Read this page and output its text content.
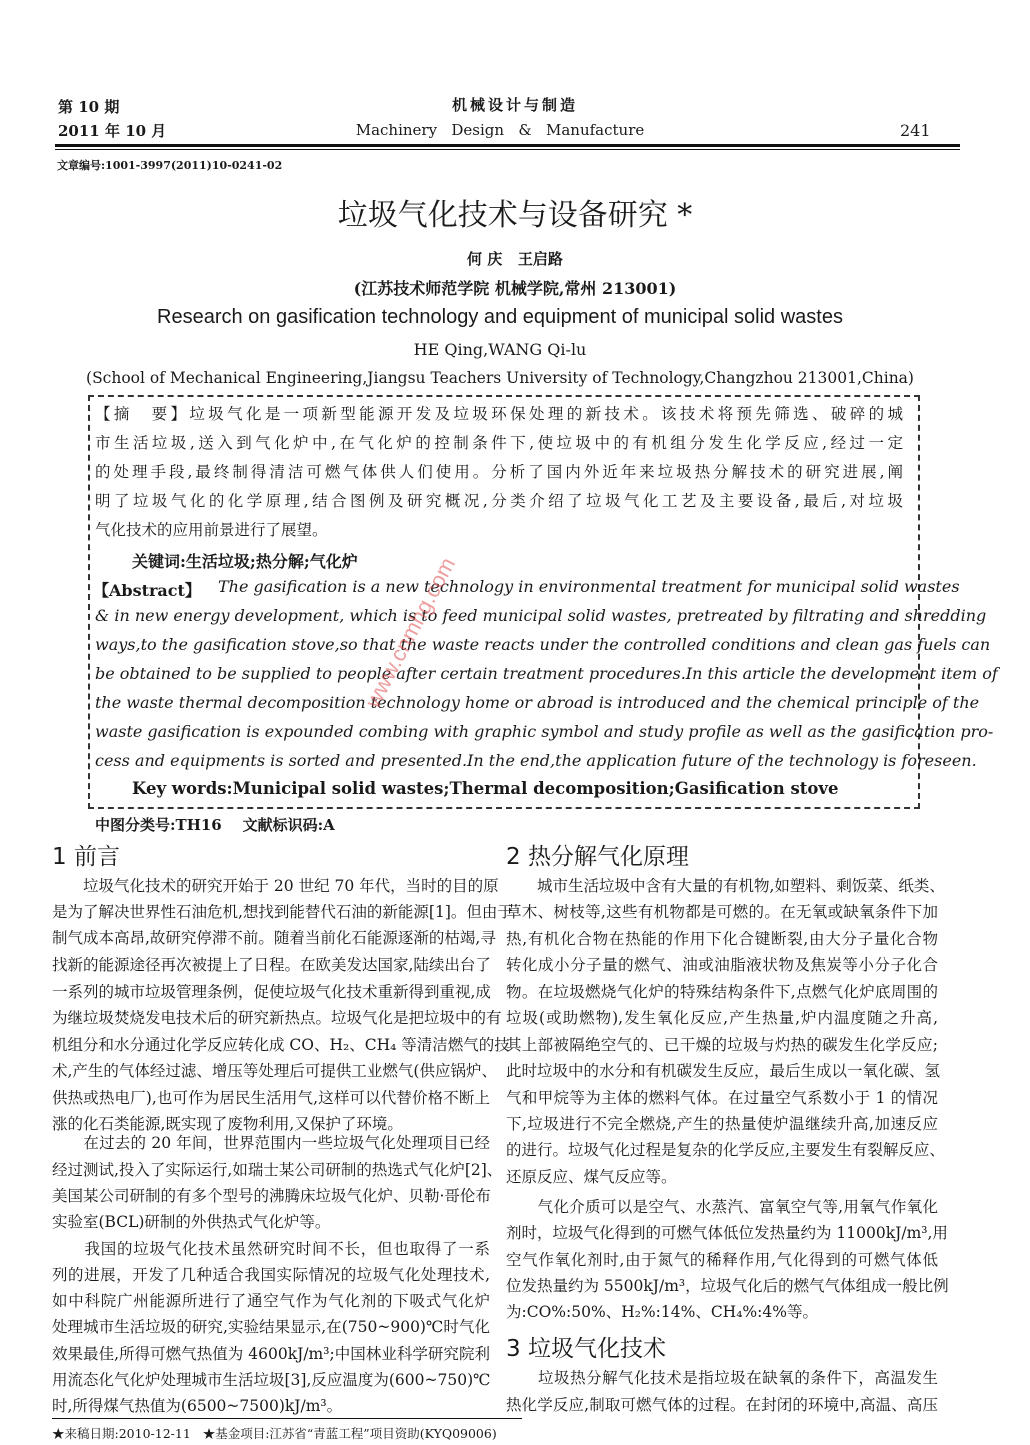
第 10 期
2011 年 10 月
机械设计与制造
Machinery   Design   &   Manufacture	241
文章编号:1001-3997(2011)10-0241-02
垃圾气化技术与设备研究 *
何 庆   王启路
(江苏技术师范学院 机械学院,常州 213001)
Research on gasification technology and equipment of municipal solid wastes
HE Qing,WANG Qi-lu
(School of Mechanical Engineering,Jiangsu Teachers University of Technology,Changzhou 213001,China)
【摘　要】垃圾气化是一项新型能源开发及垃圾环保处理的新技术。该技术将预先筛选、破碎的城
市生活垃圾,送入到气化炉中,在气化炉的控制条件下,使垃圾中的有机组分发生化学反应,经过一定
的处理手段,最终制得清洁可燃气体供人们使用。分析了国内外近年来垃圾热分解技术的研究进展,阐
明了垃圾气化的化学原理,结合图例及研究概况,分类介绍了垃圾气化工艺及主要设备,最后,对垃圾
气化技术的应用前景进行了展望。
关键词:生活垃圾;热分解;气化炉
【Abstract】 The gasification is a new technology in environmental treatment for municipal solid wastes
& in new energy development, which is to feed municipal solid wastes, pretreated by filtrating and shredding
ways,to the gasification stove,so that the waste reacts under the controlled conditions and clean gas fuels can
be obtained to be supplied to people after certain treatment procedures.In this article the development item of
the waste thermal decomposition technology home or abroad is introduced and the chemical principle of the
waste gasification is expounded combing with graphic symbol and study profile as well as the gasification pro-
cess and equipments is sorted and presented.In the end,the application future of the technology is foreseen.
Key words:Municipal solid wastes;Thermal decomposition;Gasification stove
中图分类号:TH16    文献标识码:A
1 前言
　　垃圾气化技术的研究开始于 20 世纪 70 年代，当时的目的原
是为了解决世界性石油危机,想找到能替代石油的新能源[1]。但由于
制气成本高昂,故研究停滞不前。随着当前化石能源逐渐的枯竭,寻
找新的能源途径再次被提上了日程。在欧美发达国家,陆续出台了
一系列的城市垃圾管理条例，促使垃圾气化技术重新得到重视,成
为继垃圾焚烧发电技术后的研究新热点。垃圾气化是把垃圾中的有
机组分和水分通过化学反应转化成 CO、H₂、CH₄ 等清洁燃气的技
术,产生的气体经过滤、增压等处理后可提供工业燃气(供应锅炉、
供热或热电厂),也可作为居民生活用气,这样可以代替价格不断上
涨的化石类能源,既实现了废物利用,又保护了环境。
　　在过去的 20 年间，世界范围内一些垃圾气化处理项目已经
经过测试,投入了实际运行,如瑞士某公司研制的热选式气化炉[2]、
美国某公司研制的有多个型号的沸腾床垃圾气化炉、贝勒·哥伦布
实验室(BCL)研制的外供热式气化炉等。
　　我国的垃圾气化技术虽然研究时间不长，但也取得了一系
列的进展，开发了几种适合我国实际情况的垃圾气化处理技术,
如中科院广州能源所进行了通空气作为气化剂的下吸式气化炉
处理城市生活垃圾的研究,实验结果显示,在(750~900)℃时气化
效果最佳,所得可燃气热值为 4600kJ/m³;中国林业科学研究院利
用流态化气化炉处理城市生活垃圾[3],反应温度为(600~750)℃
时,所得煤气热值为(6500~7500)kJ/m³。
2 热分解气化原理
　　城市生活垃圾中含有大量的有机物,如塑料、剩饭菜、纸类、
草木、树枝等,这些有机物都是可燃的。在无氧或缺氧条件下加
热,有机化合物在热能的作用下化合键断裂,由大分子量化合物
转化成小分子量的燃气、油或油脂液状物及焦炭等小分子化合
物。在垃圾燃烧气化炉的特殊结构条件下,点燃气化炉底周围的
垃圾(或助燃物),发生氧化反应,产生热量,炉内温度随之升高,
其上部被隔绝空气的、已干燥的垃圾与灼热的碳发生化学反应;
此时垃圾中的水分和有机碳发生反应，最后生成以一氧化碳、氢
气和甲烷等为主体的燃料气体。在过量空气系数小于 1 的情况
下,垃圾进行不完全燃烧,产生的热量使炉温继续升高,加速反应
的进行。垃圾气化过程是复杂的化学反应,主要发生有裂解反应、
还原反应、煤气反应等。
　　气化介质可以是空气、水蒸汽、富氧空气等,用氧气作氧化
剂时，垃圾气化得到的可燃气体低位发热量约为 11000kJ/m³,用
空气作氧化剂时,由于氮气的稀释作用,气化得到的可燃气体低
位发热量约为 5500kJ/m³，垃圾气化后的燃气气体组成一般比例
为:CO%:50%、H₂%:14%、CH₄%:4%等。
3 垃圾气化技术
　　垃圾热分解气化技术是指垃圾在缺氧的条件下，高温发生
热化学反应,制取可燃气体的过程。在封闭的环境中,高温、高压
★来稿日期:2010-12-11   ★基金项目:江苏省“青蓝工程”项目资助(KYQ09006)
www.cnmhg.com
